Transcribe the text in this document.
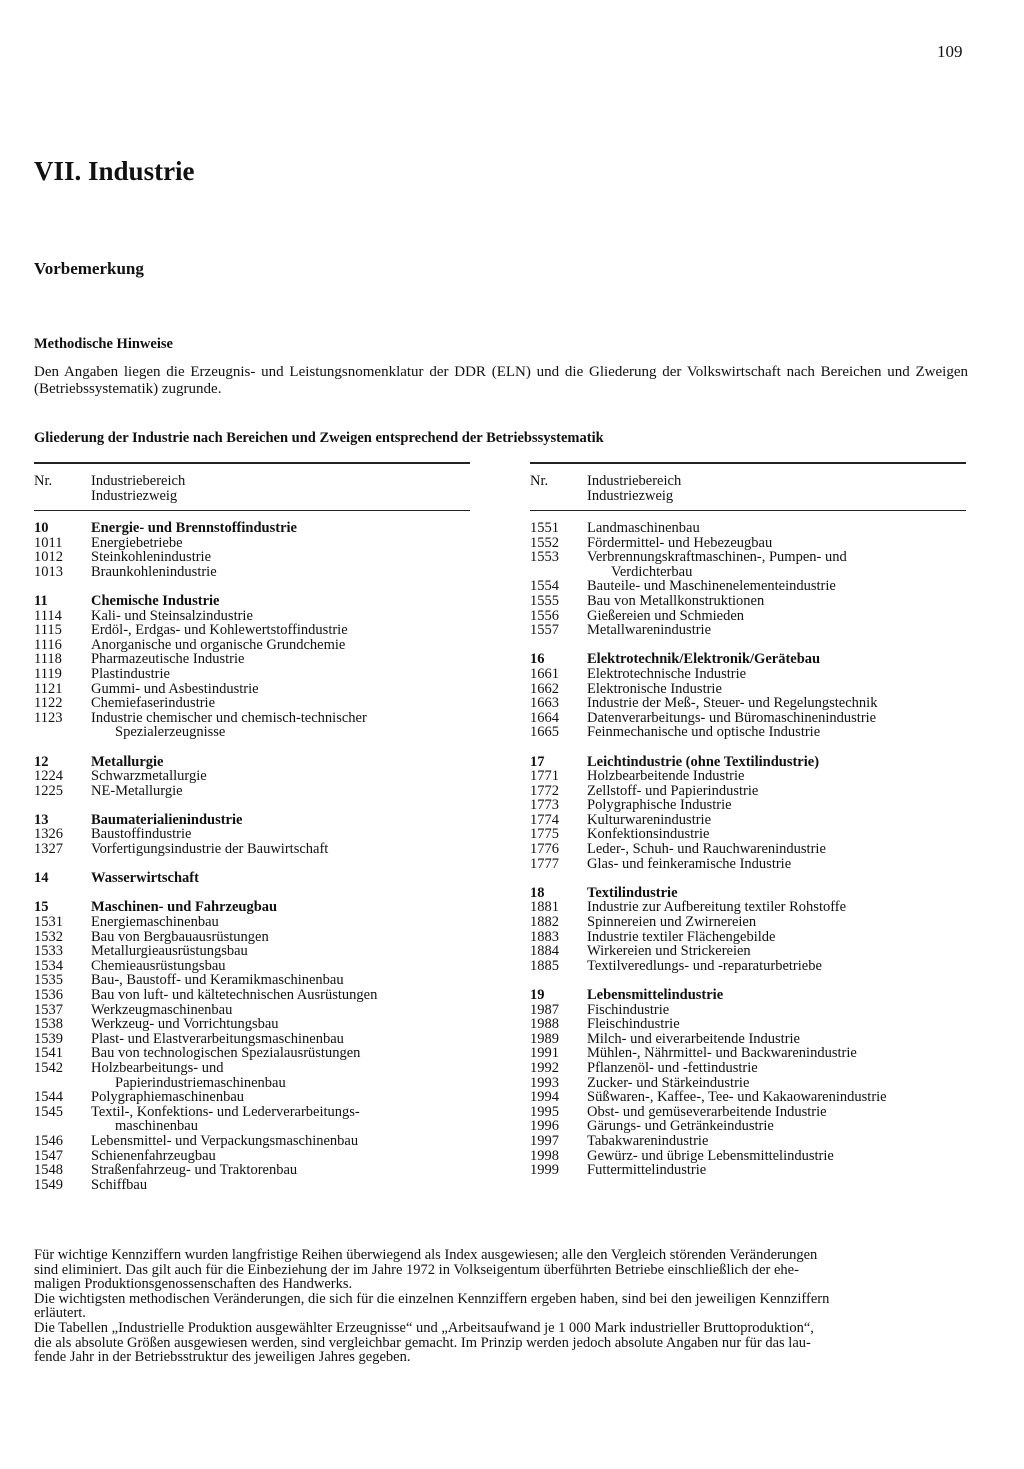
109
VII. Industrie
Vorbemerkung
Methodische Hinweise

Den Angaben liegen die Erzeugnis- und Leistungsnomenklatur der DDR (ELN) und die Gliederung der Volkswirtschaft nach Bereichen und Zweigen (Betriebssystematik) zugrunde.

Gliederung der Industrie nach Bereichen und Zweigen entsprechend der Betriebssystematik
Nr.	Industriebereich
Industriezweig
10	Energie- und Brennstoffindustrie
1011	Energiebetriebe
1012	Steinkohlenindustrie
1013	Braunkohlenindustrie
11	Chemische Industrie
1114	Kali- und Steinsalzindustrie
1115	Erdöl-, Erdgas- und Kohlewertstoffindustrie
1116	Anorganische und organische Grundchemie
1118	Pharmazeutische Industrie
1119	Plastindustrie
1121	Gummi- und Asbestindustrie
1122	Chemiefaserindustrie
1123	Industrie chemischer und chemisch-technischer
Spezialerzeugnisse
12	Metallurgie
1224	Schwarzmetallurgie
1225	NE-Metallurgie
13	Baumaterialienindustrie
1326	Baustoffindustrie
1327	Vorfertigungsindustrie der Bauwirtschaft
14	Wasserwirtschaft
15	Maschinen- und Fahrzeugbau
1531	Energiemaschinenbau
1532	Bau von Bergbauausrüstungen
1533	Metallurgieausrüstungsbau
1534	Chemieausrüstungsbau
1535	Bau-, Baustoff- und Keramikmaschinenbau
1536	Bau von luft- und kältetechnischen Ausrüstungen
1537	Werkzeugmaschinenbau
1538	Werkzeug- und Vorrichtungsbau
1539	Plast- und Elastverarbeitungsmaschinenbau
1541	Bau von technologischen Spezialausrüstungen
1542	Holzbearbeitungs- und
Papierindustriemaschinenbau
1544	Polygraphiemaschinenbau
1545	Textil-, Konfektions- und Lederverarbeitungs-
maschinenbau
1546	Lebensmittel- und Verpackungsmaschinenbau
1547	Schienenfahrzeugbau
1548	Straßenfahrzeug- und Traktorenbau
1549	Schiffbau
Nr.	Industriebereich
Industriezweig
1551	Landmaschinenbau
1552	Fördermittel- und Hebezeugbau
1553	Verbrennungskraftmaschinen-, Pumpen- und
Verdichterbau
1554	Bauteile- und Maschinenelementeindustrie
1555	Bau von Metallkonstruktionen
1556	Gießereien und Schmieden
1557	Metallwarenindustrie
16	Elektrotechnik/Elektronik/Gerätebau
1661	Elektrotechnische Industrie
1662	Elektronische Industrie
1663	Industrie der Meß-, Steuer- und Regelungstechnik
1664	Datenverarbeitungs- und Büromaschinenindustrie
1665	Feinmechanische und optische Industrie
17	Leichtindustrie (ohne Textilindustrie)
1771	Holzbearbeitende Industrie
1772	Zellstoff- und Papierindustrie
1773	Polygraphische Industrie
1774	Kulturwarenindustrie
1775	Konfektionsindustrie
1776	Leder-, Schuh- und Rauchwarenindustrie
1777	Glas- und feinkeramische Industrie
18	Textilindustrie
1881	Industrie zur Aufbereitung textiler Rohstoffe
1882	Spinnereien und Zwirnereien
1883	Industrie textiler Flächengebilde
1884	Wirkereien und Strickereien
1885	Textilveredlungs- und -reparaturbetriebe
19	Lebensmittelindustrie
1987	Fischindustrie
1988	Fleischindustrie
1989	Milch- und eiverarbeitende Industrie
1991	Mühlen-, Nährmittel- und Backwarenindustrie
1992	Pflanzenöl- und -fettindustrie
1993	Zucker- und Stärkeindustrie
1994	Süßwaren-, Kaffee-, Tee- und Kakaowarenindustrie
1995	Obst- und gemüseverarbeitende Industrie
1996	Gärungs- und Getränkeindustrie
1997	Tabakwarenindustrie
1998	Gewürz- und übrige Lebensmittelindustrie
1999	Futtermittelindustrie

Für wichtige Kennziffern wurden langfristige Reihen überwiegend als Index ausgewiesen; alle den Vergleich störenden Veränderungen
sind eliminiert. Das gilt auch für die Einbeziehung der im Jahre 1972 in Volkseigentum überführten Betriebe einschließlich der ehe-
maligen Produktionsgenossenschaften des Handwerks.
Die wichtigsten methodischen Veränderungen, die sich für die einzelnen Kennziffern ergeben haben, sind bei den jeweiligen Kennziffern
erläutert.
Die Tabellen „Industrielle Produktion ausgewählter Erzeugnisse“ und „Arbeitsaufwand je 1 000 Mark industrieller Bruttoproduktion“,
die als absolute Größen ausgewiesen werden, sind vergleichbar gemacht. Im Prinzip werden jedoch absolute Angaben nur für das lau-
fende Jahr in der Betriebsstruktur des jeweiligen Jahres gegeben.
